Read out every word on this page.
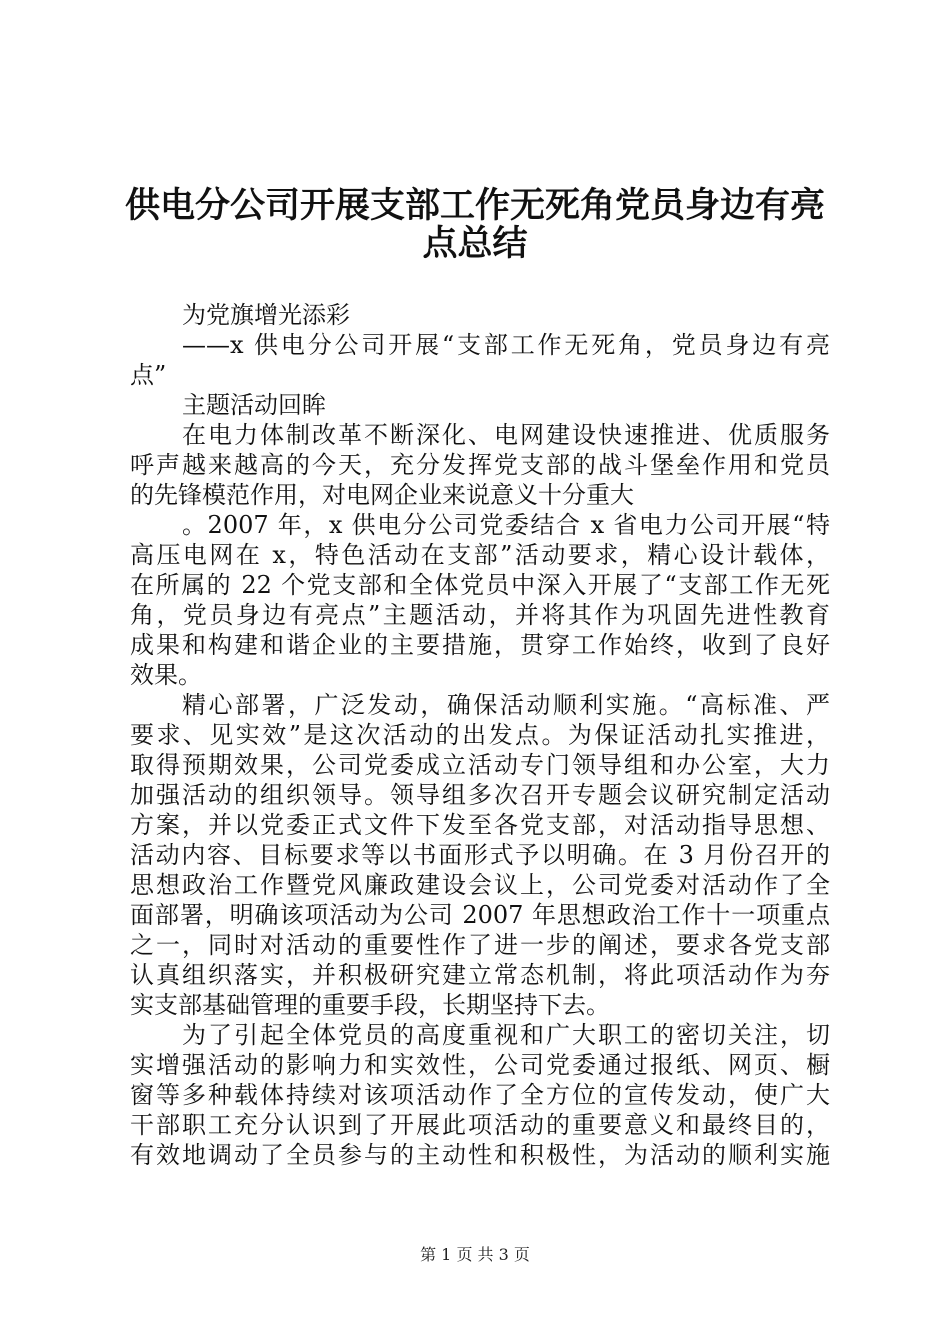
供电分公司开展支部工作无死角党员身边有亮
点总结
为党旗增光添彩
——x 供电分公司开展“支部工作无死角，党员身边有亮
点”
主题活动回眸
在电力体制改革不断深化、电网建设快速推进、优质服务
呼声越来越高的今天，充分发挥党支部的战斗堡垒作用和党员
的先锋模范作用，对电网企业来说意义十分重大
。2007 年，x 供电分公司党委结合 x 省电力公司开展“特
高压电网在 x，特色活动在支部”活动要求，精心设计载体，
在所属的 22 个党支部和全体党员中深入开展了“支部工作无死
角，党员身边有亮点”主题活动，并将其作为巩固先进性教育
成果和构建和谐企业的主要措施，贯穿工作始终，收到了良好
效果。
精心部署，广泛发动，确保活动顺利实施。“高标准、严
要求、见实效”是这次活动的出发点。为保证活动扎实推进，
取得预期效果，公司党委成立活动专门领导组和办公室，大力
加强活动的组织领导。领导组多次召开专题会议研究制定活动
方案，并以党委正式文件下发至各党支部，对活动指导思想、
活动内容、目标要求等以书面形式予以明确。在 3 月份召开的
思想政治工作暨党风廉政建设会议上，公司党委对活动作了全
面部署，明确该项活动为公司 2007 年思想政治工作十一项重点
之一，同时对活动的重要性作了进一步的阐述，要求各党支部
认真组织落实，并积极研究建立常态机制，将此项活动作为夯
实支部基础管理的重要手段，长期坚持下去。
为了引起全体党员的高度重视和广大职工的密切关注，切
实增强活动的影响力和实效性，公司党委通过报纸、网页、橱
窗等多种载体持续对该项活动作了全方位的宣传发动，使广大
干部职工充分认识到了开展此项活动的重要意义和最终目的，
有效地调动了全员参与的主动性和积极性，为活动的顺利实施
第 1 页 共 3 页
